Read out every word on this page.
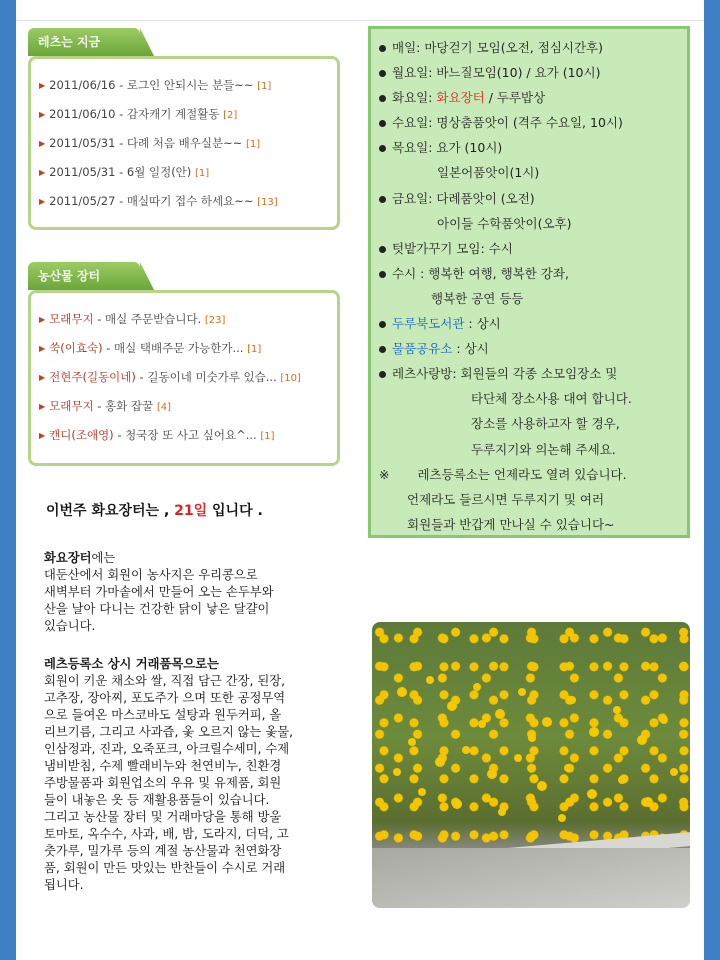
레츠는 지금
▶ 2011/06/16 - 로그인 안되시는 분들~~ [1]
▶ 2011/06/10 - 감자캐기 계절활동 [2]
▶ 2011/05/31 - 다례 처음 배우실분~~ [1]
▶ 2011/05/31 - 6월 일정(안) [1]
▶ 2011/05/27 - 매실따기 접수 하세요~~ [13]
농산물 장터
▶ 모래무지 - 매실 주문받습니다. [23]
▶ 쑥(이효숙) - 매실 택배주문 가능한가... [1]
▶ 전현주(길동이네) - 길동이네 미숫가루 있습... [10]
▶ 모래무지 - 홍화 잡꿀 [4]
▶ 캔디(조애영) - 청국장 또 사고 싶어요^... [1]
매일: 마당걷기 모임(오전, 점심시간후)
월요일: 바느질모임(10) / 요가 (10시)
화요일: 화요장터 / 두루밥상
수요일: 명상춤품앗이 (격주 수요일, 10시)
목요일: 요가 (10시)
일본어품앗이(1시)
금요일: 다례품앗이 (오전)
아이들 수학품앗이(오후)
텃밭가꾸기 모임: 수시
수시 : 행복한 여행, 행복한 강좌,
행복한 공연 등등
두루북도서관 : 상시
물품공유소 : 상시
레츠사랑방: 회원들의 각종 소모임장소 및
타단체 장소사용 대여 합니다.
장소를 사용하고자 할 경우,
두루지기와 의논해 주세요.
※ 레츠등록소는 언제라도 열려 있습니다.
언제라도 들르시면 두루지기 및 여러
회원들과 반갑게 만나실 수 있습니다~
이번주 화요장터는 , 21일 입니다 .
화요장터에는
대둔산에서 회원이 농사지은 우리콩으로
새벽부터 가마솥에서 만들어 오는 손두부와
산을 날아 다니는 건강한 닭이 낳은 달걀이
있습니다.
레츠등록소 상시 거래품목으로는
회원이 키운 채소와 쌀, 직접 담근 간장, 된장,
고추장, 장아찌, 포도주가 으며 또한 공정무역
으로 들여온 마스코바도 설탕과 원두커피, 올
리브기름, 그리고 사과즙, 옻 오르지 않는 옻물,
인삼정과, 진과, 오죽포크, 아크릴수세미, 수제
냄비받침, 수제 빨래비누와 천연비누, 친환경
주방물품과 회원업소의 우유 및 유제품, 회원
들이 내놓은 옷 등 재활용품들이 있습니다.
그리고 농산물 장터 및 거래마당을 통해 방울
토마토, 옥수수, 사과, 배, 밤, 도라지, 더덕, 고
춧가루, 밀가루 등의 계절 농산물과 천연화장
품, 회원이 만든 맛있는 반찬들이 수시로 거래
됩니다.
